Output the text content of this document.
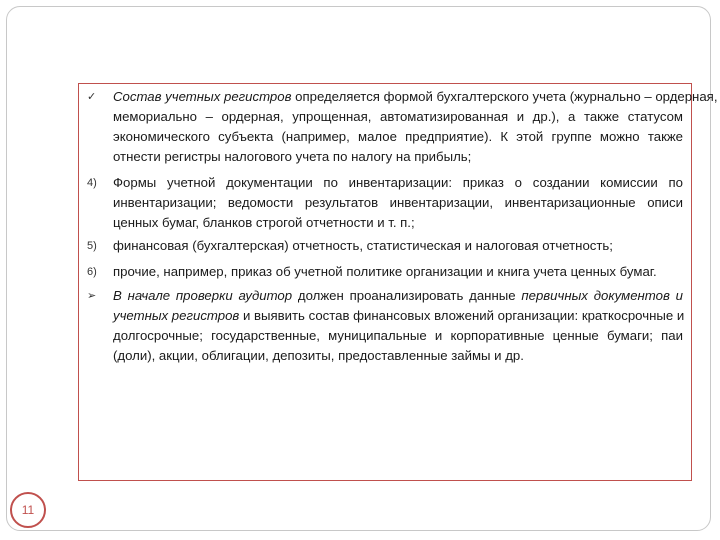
✓	Состав учетных регистров определяется формой бухгалтерского учета (журнально – ордерная,
мемориально – ордерная, упрощенная, автоматизированная и др.), а также статусом
экономического субъекта (например, малое предприятие). К этой группе можно также
отнести регистры налогового учета по налогу на прибыль;
4)	Формы учетной документации по инвентаризации: приказ о создании комиссии по
инвентаризации; ведомости результатов инвентаризации, инвентаризационные описи
ценных бумаг, бланков строгой отчетности и т. п.;
5)	финансовая (бухгалтерская) отчетность, статистическая и налоговая отчетность;
6)	прочие, например, приказ об учетной политике организации и книга учета ценных бумаг.
➢	В начале проверки аудитор должен проанализировать данные первичных документов и
учетных регистров и выявить состав финансовых вложений организации: краткосрочные и
долгосрочные; государственные, муниципальные и корпоративные ценные бумаги; паи
(доли), акции, облигации, депозиты, предоставленные займы и др.
11
